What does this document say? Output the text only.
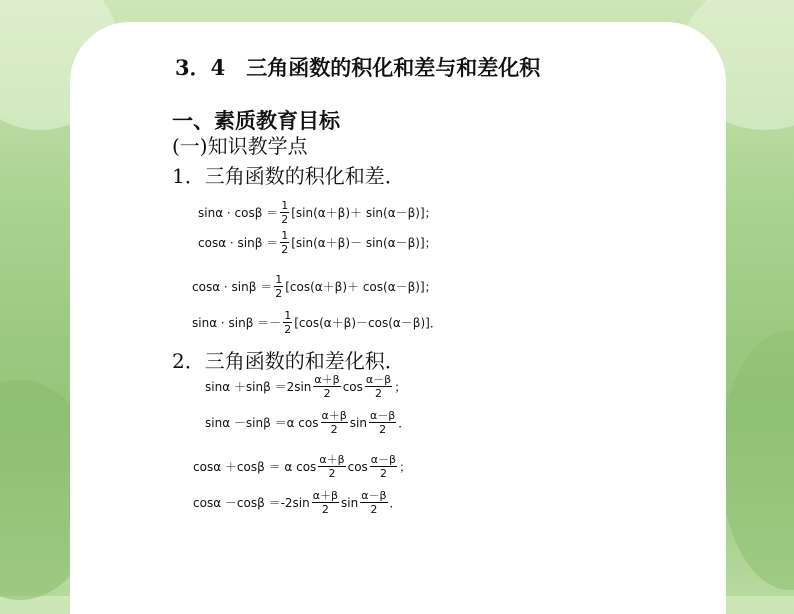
3．4　三角函数的积化和差与和差化积
一、素质教育目标
(一)知识教学点
1．三角函数的积化和差．
$\sin\alpha \cdot \cos\beta = \frac{1}{2} [\sin(\alpha+\beta)+ \sin(\alpha-\beta)]$；
$\cos\alpha \cdot \sin\beta = \frac{1}{2} [\sin(\alpha+\beta)- \sin(\alpha-\beta)]$；
$\cos\alpha \cdot \sin\beta = \frac{1}{2} [\cos(\alpha+\beta)+ \cos(\alpha-\beta)]$；
$\sin\alpha \cdot \sin\beta =- \frac{1}{2} [\cos(\alpha+\beta)-\cos(\alpha-\beta)]$．
2．三角函数的和差化积．
$\sin\alpha +\sin\beta =2\sin \frac{\alpha+\beta}{2}$ $\cos \frac{\alpha-\beta}{2}$ ；
sinα －sinβ ＝α $\cos \frac{\alpha+\beta}{2}$ $\sin \frac{\alpha-\beta}{2}$ ．
cosα ＋cosβ ＝ α $\cos \frac{\alpha+\beta}{2}$ $\cos \frac{\alpha-\beta}{2}$ ；
$\cos\alpha -\cos\beta =-2\sin \frac{\alpha+\beta}{2}$ $\sin \frac{\alpha-\beta}{2}$ ．
